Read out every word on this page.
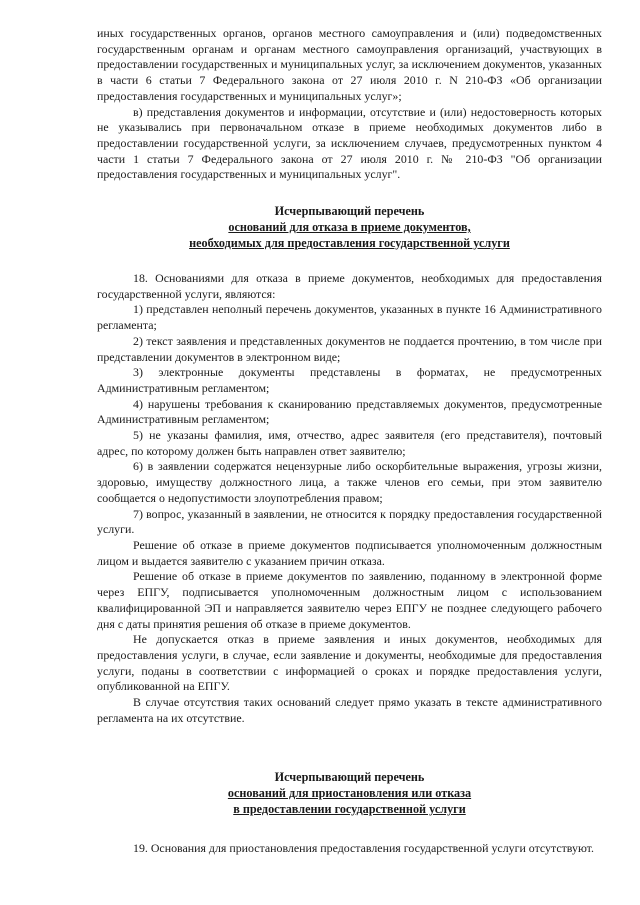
иных государственных органов, органов местного самоуправления и (или) подведомственных государственным органам и органам местного самоуправления организаций, участвующих в предоставлении государственных и муниципальных услуг, за исключением документов, указанных в части 6 статьи 7 Федерального закона от 27 июля 2010 г. N 210-ФЗ «Об организации предоставления государственных и муниципальных услуг»;

в) представления документов и информации, отсутствие и (или) недостоверность которых не указывались при первоначальном отказе в приеме необходимых документов либо в предоставлении государственной услуги, за исключением случаев, предусмотренных пунктом 4 части 1 статьи 7 Федерального закона от 27 июля 2010 г. № 210-ФЗ "Об организации предоставления государственных и муниципальных услуг".

Исчерпывающий перечень
оснований для отказа в приеме документов,
необходимых для предоставления государственной услуги

18. Основаниями для отказа в приеме документов, необходимых для предоставления государственной услуги, являются:

1) представлен неполный перечень документов, указанных в пункте 16 Административного регламента;

2) текст заявления и представленных документов не поддается прочтению, в том числе при представлении документов в электронном виде;

3) электронные документы представлены в форматах, не предусмотренных Административным регламентом;

4) нарушены требования к сканированию представляемых документов, предусмотренные Административным регламентом;

5) не указаны фамилия, имя, отчество, адрес заявителя (его представителя), почтовый адрес, по которому должен быть направлен ответ заявителю;

6) в заявлении содержатся нецензурные либо оскорбительные выражения, угрозы жизни, здоровью, имуществу должностного лица, а также членов его семьи, при этом заявителю сообщается о недопустимости злоупотребления правом;

7) вопрос, указанный в заявлении, не относится к порядку предоставления государственной услуги.

Решение об отказе в приеме документов подписывается уполномоченным должностным лицом и выдается заявителю с указанием причин отказа.

Решение об отказе в приеме документов по заявлению, поданному в электронной форме через ЕПГУ, подписывается уполномоченным должностным лицом с использованием квалифицированной ЭП и направляется заявителю через ЕПГУ не позднее следующего рабочего дня с даты принятия решения об отказе в приеме документов.

Не допускается отказ в приеме заявления и иных документов, необходимых для предоставления услуги, в случае, если заявление и документы, необходимые для предоставления услуги, поданы в соответствии с информацией о сроках и порядке предоставления услуги, опубликованной на ЕПГУ.

В случае отсутствия таких оснований следует прямо указать в тексте административного регламента на их отсутствие.

Исчерпывающий перечень
оснований для приостановления или отказа
в предоставлении государственной услуги

19. Основания для приостановления предоставления государственной услуги отсутствуют.
